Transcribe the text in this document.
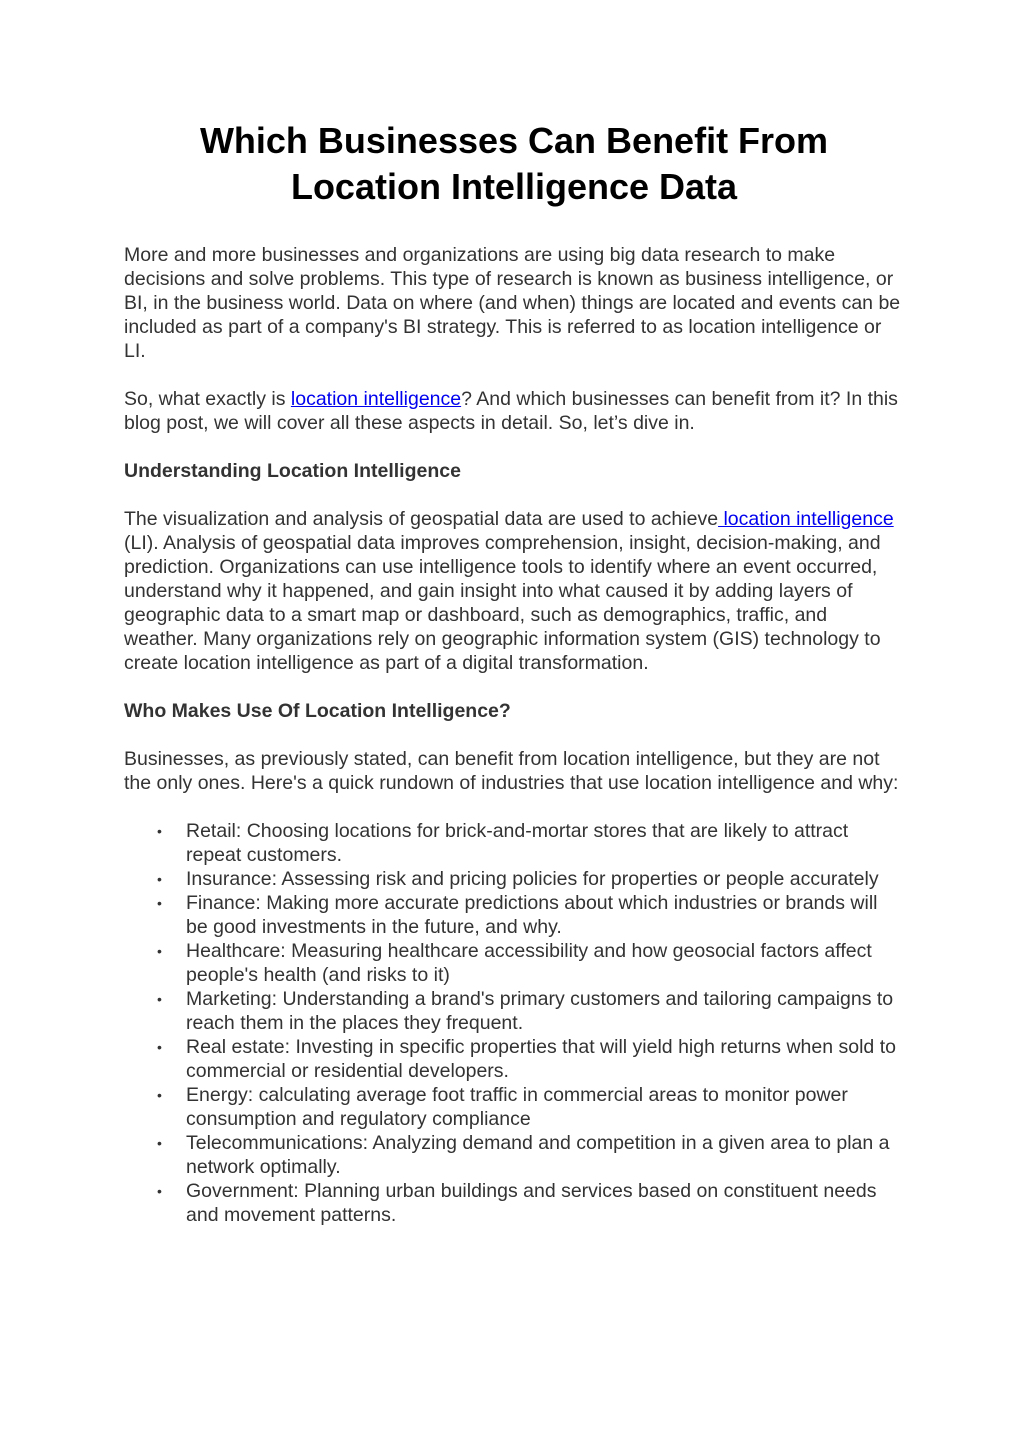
Which Businesses Can Benefit From
Location Intelligence Data

More and more businesses and organizations are using big data research to make decisions and solve problems. This type of research is known as business intelligence, or BI, in the business world. Data on where (and when) things are located and events can be included as part of a company's BI strategy. This is referred to as location intelligence or LI.

So, what exactly is location intelligence? And which businesses can benefit from it? In this blog post, we will cover all these aspects in detail. So, let’s dive in.

Understanding Location Intelligence

The visualization and analysis of geospatial data are used to achieve location intelligence (LI). Analysis of geospatial data improves comprehension, insight, decision-making, and prediction. Organizations can use intelligence tools to identify where an event occurred, understand why it happened, and gain insight into what caused it by adding layers of geographic data to a smart map or dashboard, such as demographics, traffic, and weather. Many organizations rely on geographic information system (GIS) technology to create location intelligence as part of a digital transformation.

Who Makes Use Of Location Intelligence?

Businesses, as previously stated, can benefit from location intelligence, but they are not the only ones. Here's a quick rundown of industries that use location intelligence and why:

• Retail: Choosing locations for brick-and-mortar stores that are likely to attract repeat customers.
• Insurance: Assessing risk and pricing policies for properties or people accurately
• Finance: Making more accurate predictions about which industries or brands will be good investments in the future, and why.
• Healthcare: Measuring healthcare accessibility and how geosocial factors affect people's health (and risks to it)
• Marketing: Understanding a brand's primary customers and tailoring campaigns to reach them in the places they frequent.
• Real estate: Investing in specific properties that will yield high returns when sold to commercial or residential developers.
• Energy: calculating average foot traffic in commercial areas to monitor power consumption and regulatory compliance
• Telecommunications: Analyzing demand and competition in a given area to plan a network optimally.
• Government: Planning urban buildings and services based on constituent needs and movement patterns.
